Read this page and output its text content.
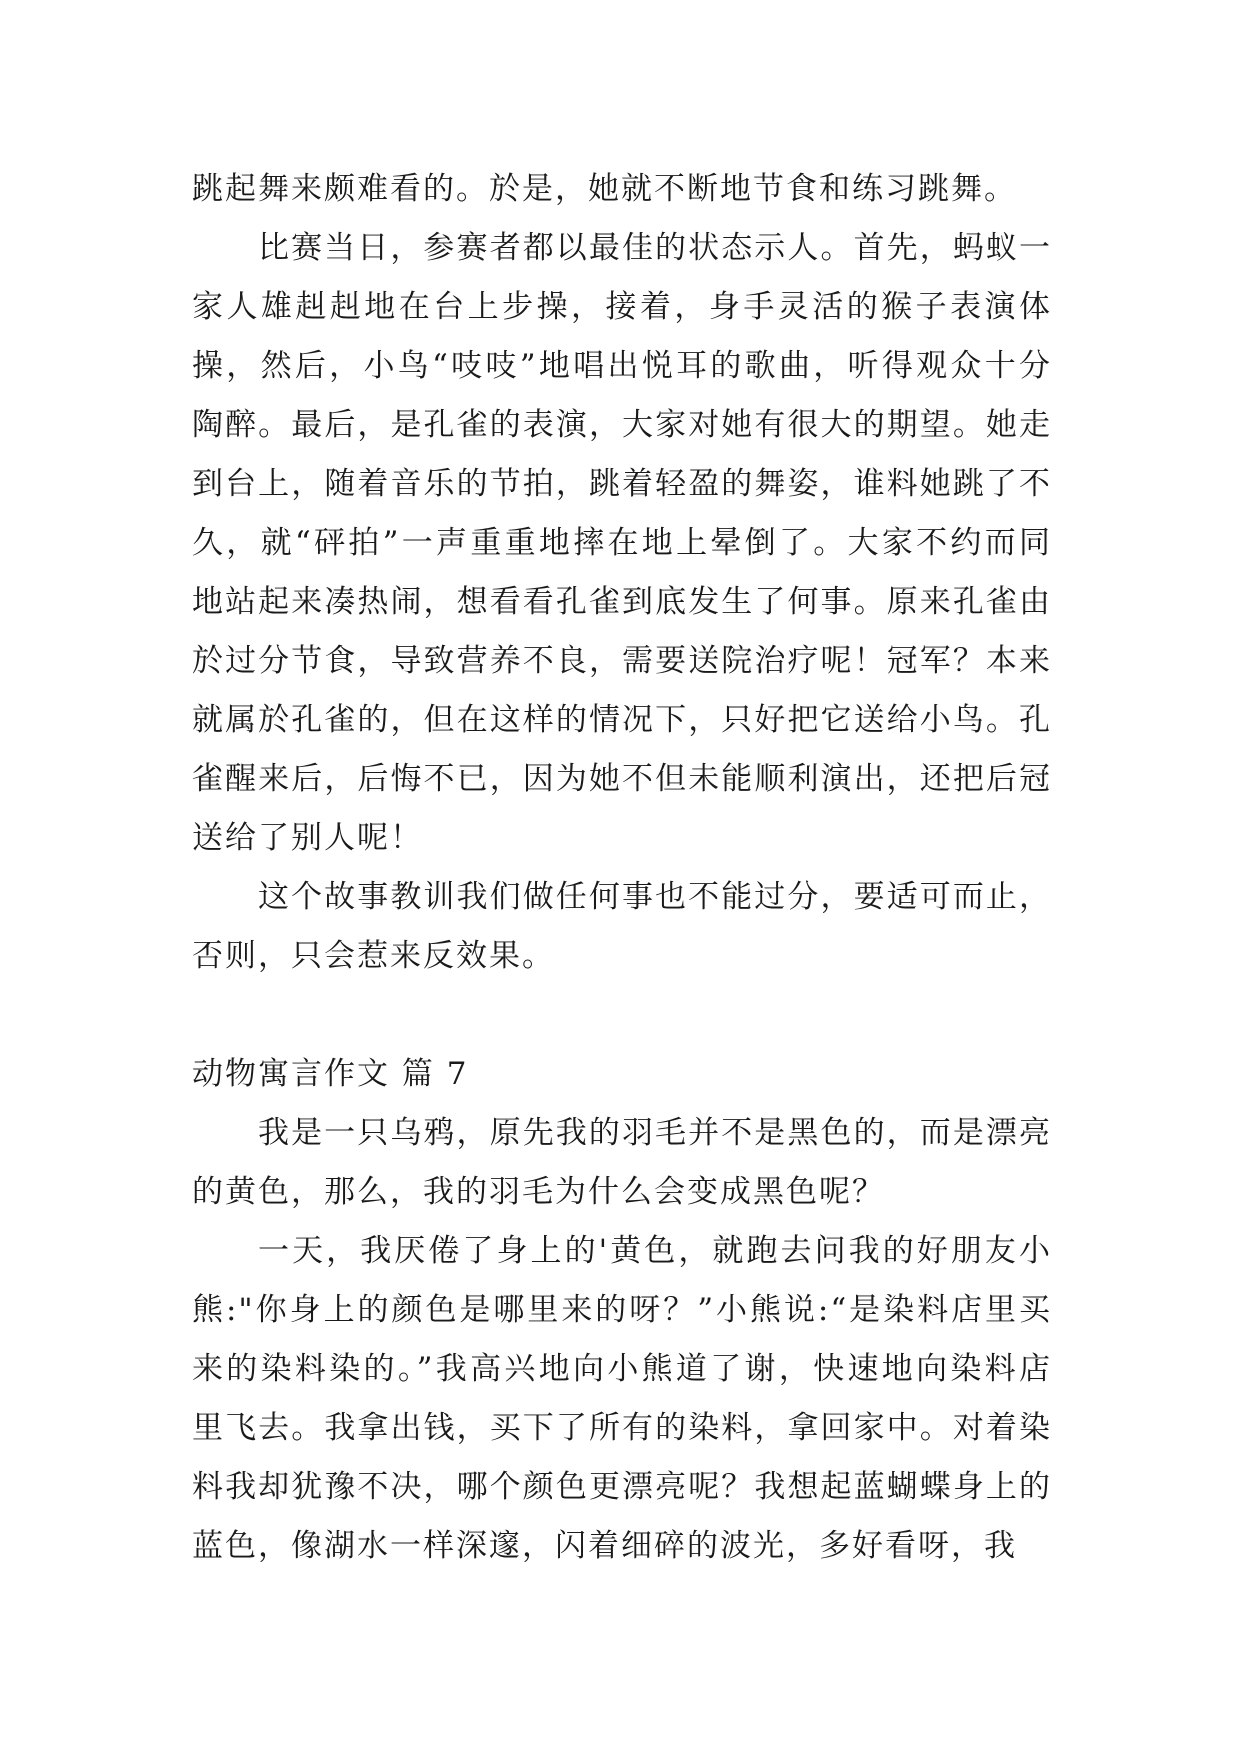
跳起舞来颇难看的。於是，她就不断地节食和练习跳舞。

比赛当日，参赛者都以最佳的状态示人。首先，蚂蚁一家人雄赳赳地在台上步操，接着，身手灵活的猴子表演体操，然后，小鸟“吱吱”地唱出悦耳的歌曲，听得观众十分陶醉。最后，是孔雀的表演，大家对她有很大的期望。她走到台上，随着音乐的节拍，跳着轻盈的舞姿，谁料她跳了不久，就“砰拍”一声重重地摔在地上晕倒了。大家不约而同地站起来凑热闹，想看看孔雀到底发生了何事。原来孔雀由於过分节食，导致营养不良，需要送院治疗呢！冠军？本来就属於孔雀的，但在这样的情况下，只好把它送给小鸟。孔雀醒来后，后悔不已，因为她不但未能顺利演出，还把后冠送给了别人呢！

这个故事教训我们做任何事也不能过分，要适可而止，否则，只会惹来反效果。

动物寓言作文 篇 7

我是一只乌鸦，原先我的羽毛并不是黑色的，而是漂亮的黄色，那么，我的羽毛为什么会变成黑色呢？

一天，我厌倦了身上的'黄色，就跑去问我的好朋友小熊:"你身上的颜色是哪里来的呀？”小熊说:“是染料店里买来的染料染的。”我高兴地向小熊道了谢，快速地向染料店里飞去。我拿出钱，买下了所有的染料，拿回家中。对着染料我却犹豫不决，哪个颜色更漂亮呢？我想起蓝蝴蝶身上的蓝色，像湖水一样深邃，闪着细碎的波光，多好看呀，我
